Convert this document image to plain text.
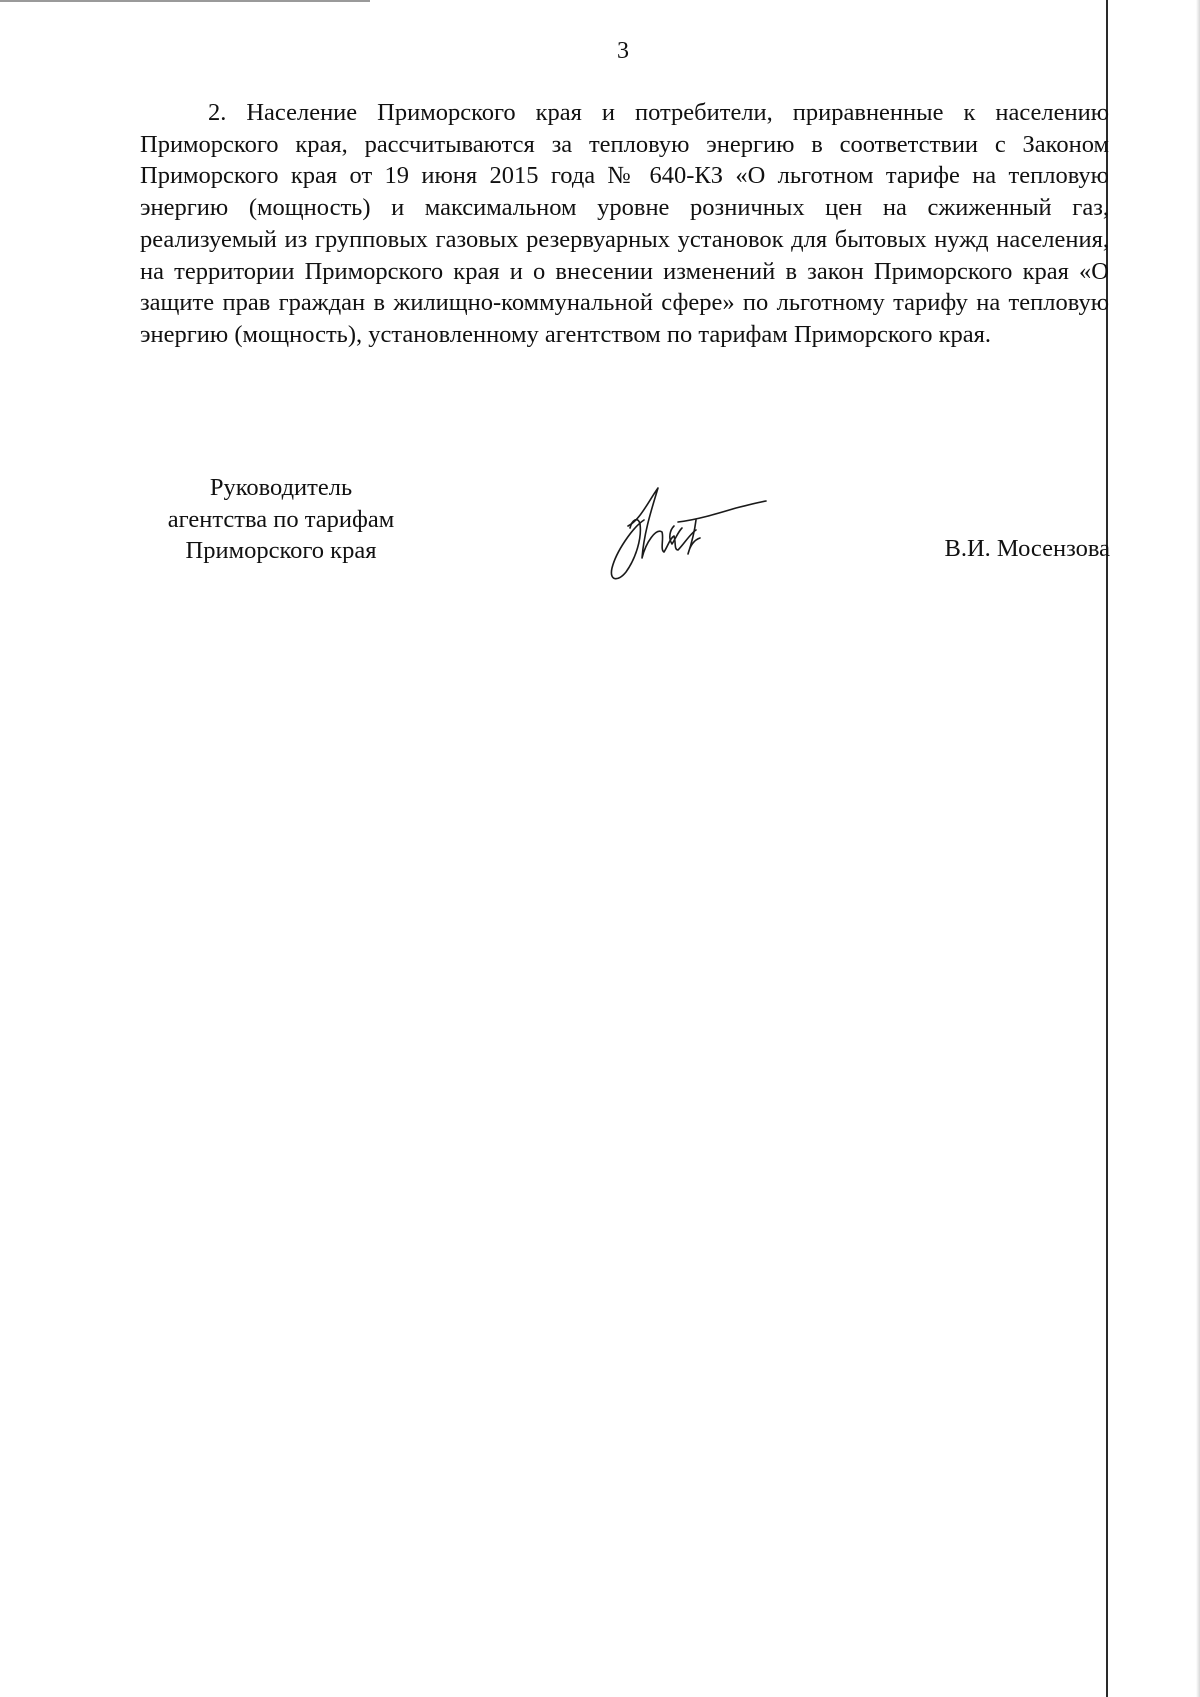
3

2. Население Приморского края и потребители, приравненные к населению Приморского края, рассчитываются за тепловую энергию в соответствии с Законом Приморского края от 19 июня 2015 года № 640-КЗ «О льготном тарифе на тепловую энергию (мощность) и максимальном уровне розничных цен на сжиженный газ, реализуемый из групповых газовых резервуарных установок для бытовых нужд населения, на территории Приморского края и о внесении изменений в закон Приморского края «О защите прав граждан в жилищно-коммунальной сфере» по льготному тарифу на тепловую энергию (мощность), установленному агентством по тарифам Приморского края.

Руководитель
агентства по тарифам
Приморского края	В.И. Мосензова
